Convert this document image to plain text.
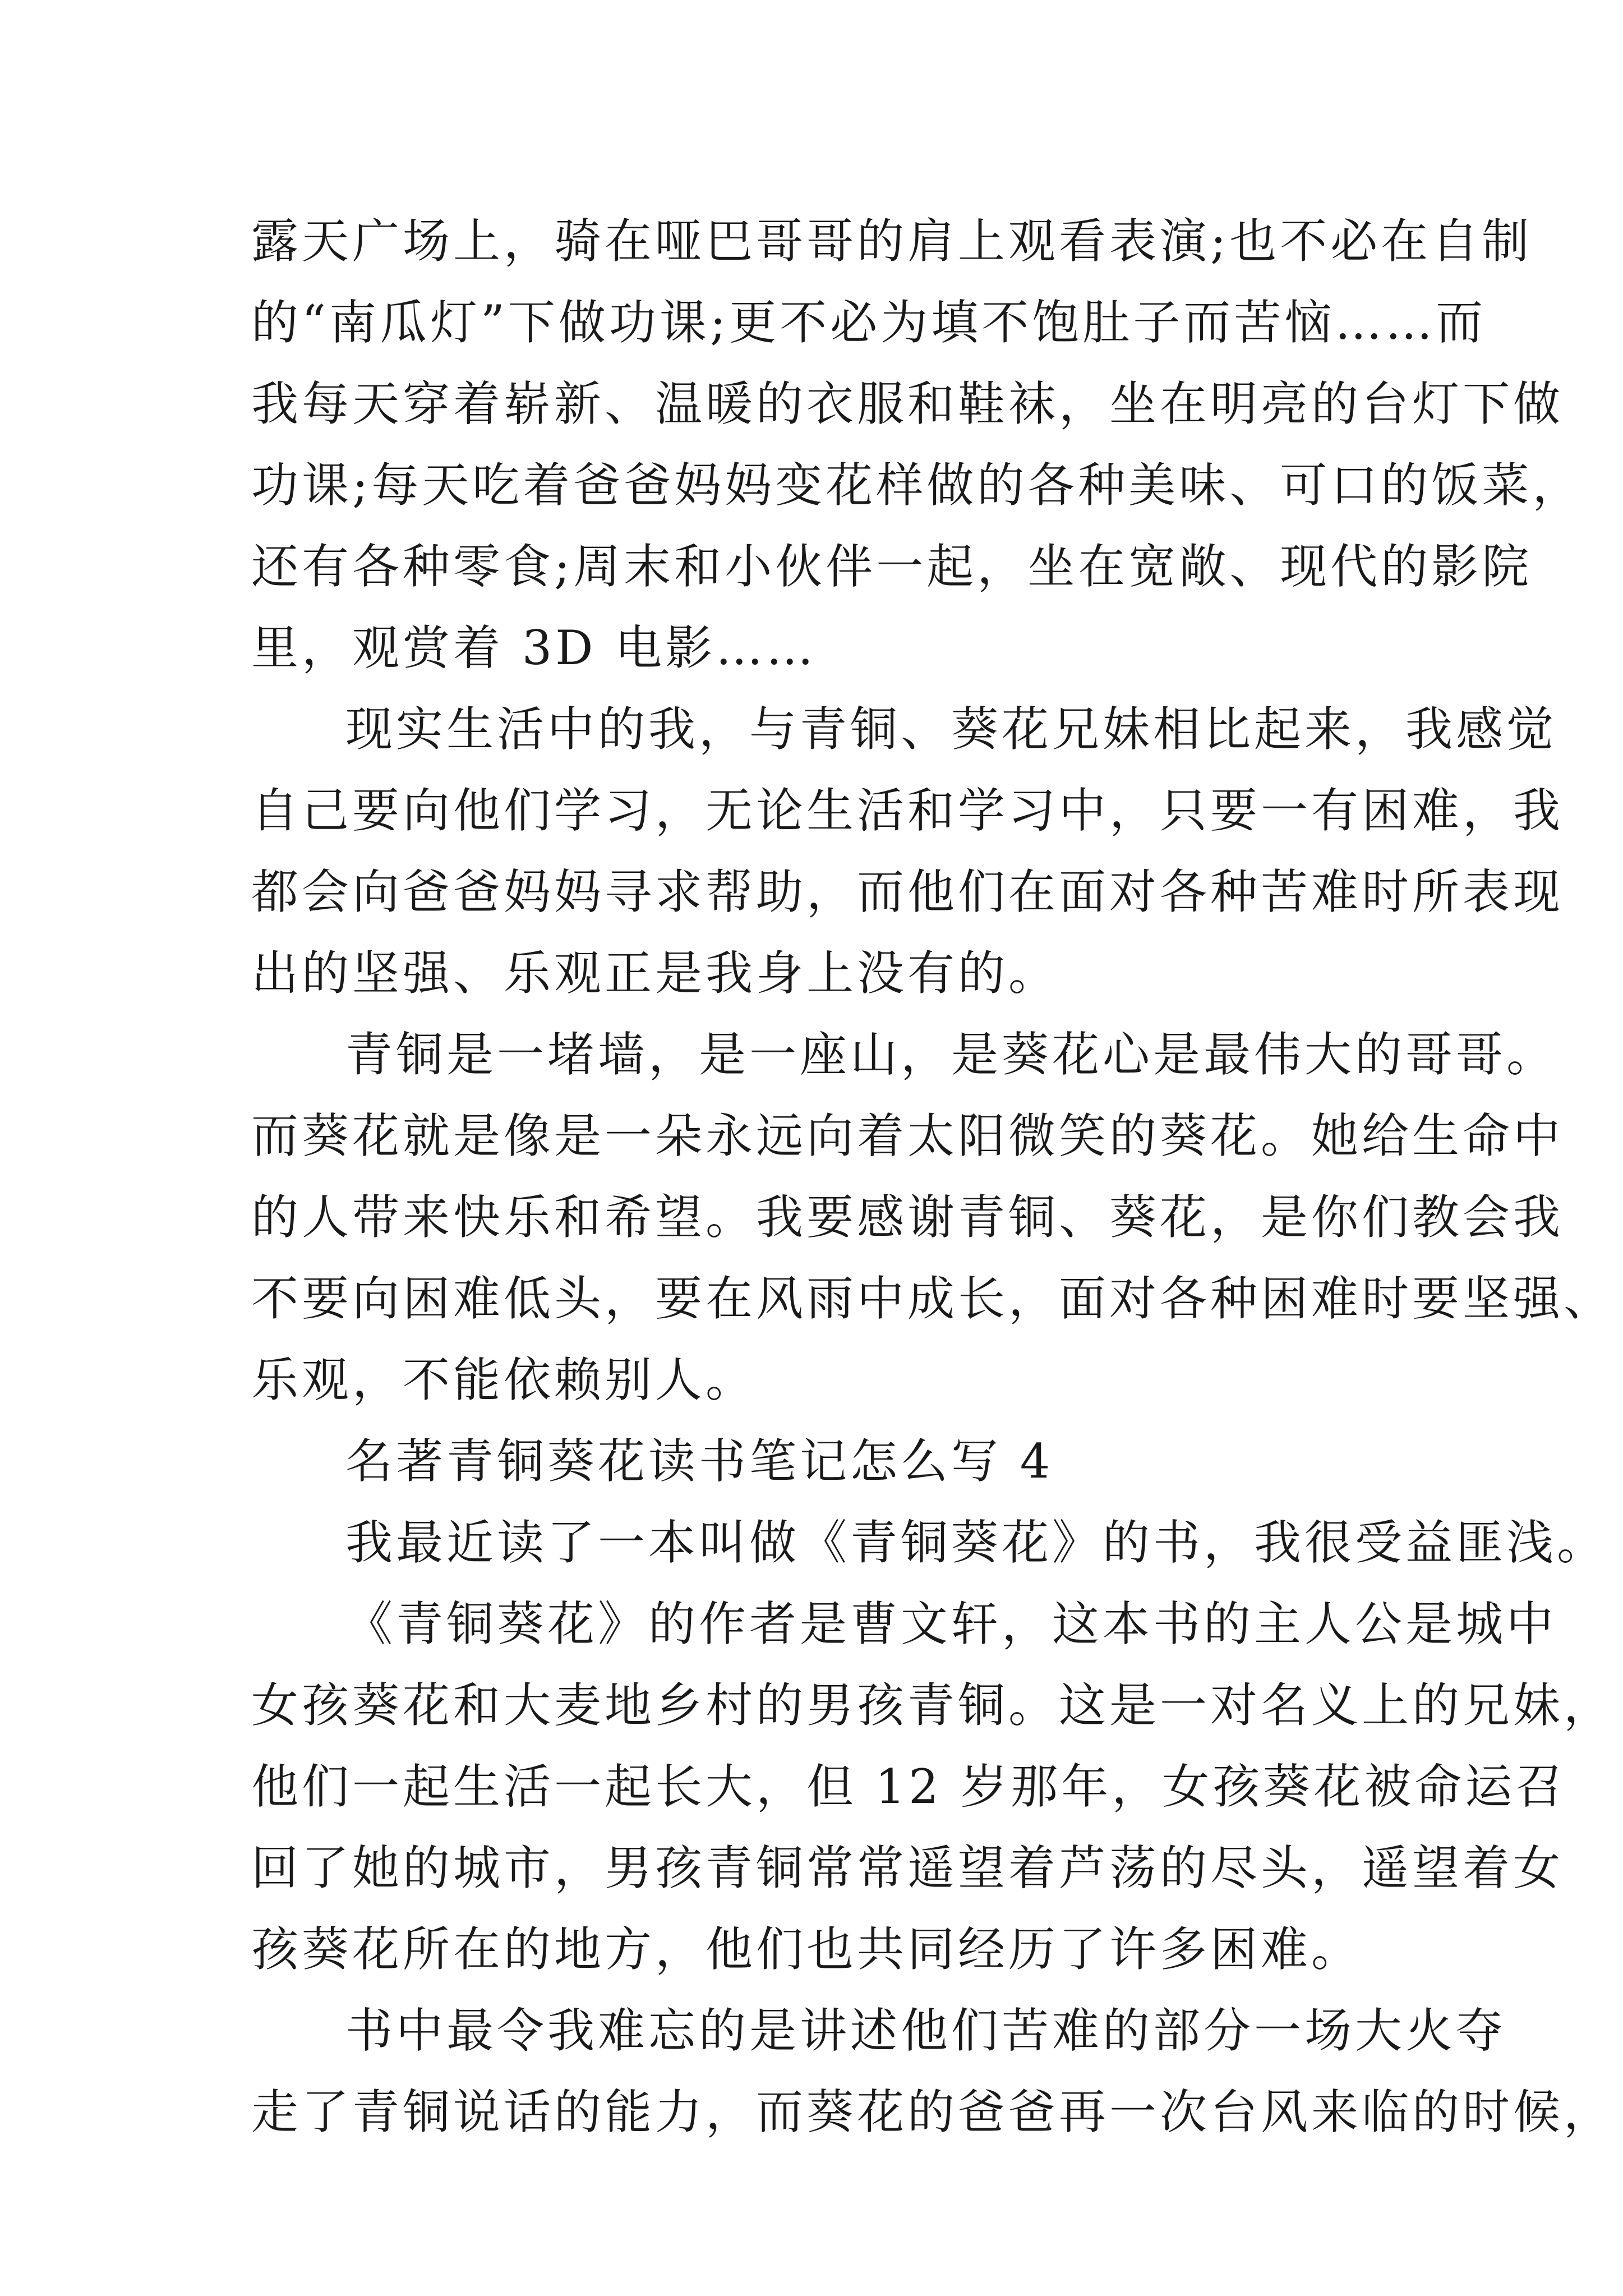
露天广场上，骑在哑巴哥哥的肩上观看表演;也不必在自制
的“南瓜灯”下做功课;更不必为填不饱肚子而苦恼……而
我每天穿着崭新、温暖的衣服和鞋袜，坐在明亮的台灯下做
功课;每天吃着爸爸妈妈变花样做的各种美味、可口的饭菜，
还有各种零食;周末和小伙伴一起，坐在宽敞、现代的影院
里，观赏着 3D 电影……
现实生活中的我，与青铜、葵花兄妹相比起来，我感觉
自己要向他们学习，无论生活和学习中，只要一有困难，我
都会向爸爸妈妈寻求帮助，而他们在面对各种苦难时所表现
出的坚强、乐观正是我身上没有的。
青铜是一堵墙，是一座山，是葵花心是最伟大的哥哥。
而葵花就是像是一朵永远向着太阳微笑的葵花。她给生命中
的人带来快乐和希望。我要感谢青铜、葵花，是你们教会我
不要向困难低头，要在风雨中成长，面对各种困难时要坚强、
乐观，不能依赖别人。
名著青铜葵花读书笔记怎么写 4
我最近读了一本叫做《青铜葵花》的书，我很受益匪浅。
《青铜葵花》的作者是曹文轩，这本书的主人公是城中
女孩葵花和大麦地乡村的男孩青铜。这是一对名义上的兄妹，
他们一起生活一起长大，但 12 岁那年，女孩葵花被命运召
回了她的城市，男孩青铜常常遥望着芦荡的尽头，遥望着女
孩葵花所在的地方，他们也共同经历了许多困难。
书中最令我难忘的是讲述他们苦难的部分一场大火夺
走了青铜说话的能力，而葵花的爸爸再一次台风来临的时候，
